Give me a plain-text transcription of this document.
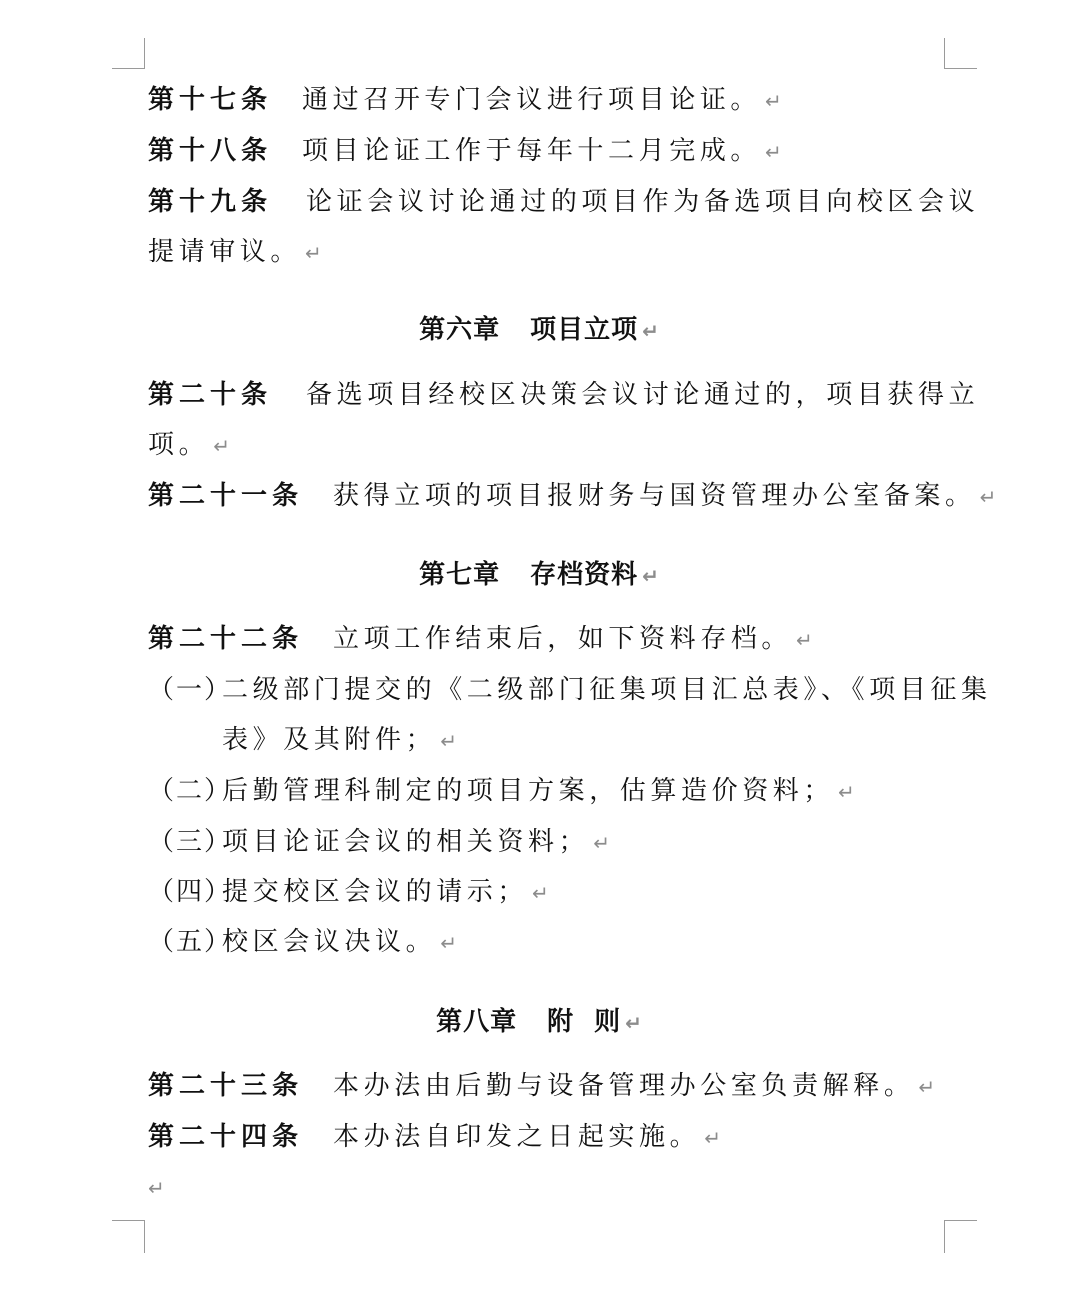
第十七条 通过召开专门会议进行项目论证。 ↵
第十八条 项目论证工作于每年十二月完成。 ↵
第十九条 论证会议讨论通过的项目作为备选项目向校区会议
提请审议。 ↵
第六章 项目立项 ↵
第二十条 备选项目经校区决策会议讨论通过的，项目获得立
项。 ↵
第二十一条 获得立项的项目报财务与国资管理办公室备案。 ↵
第七章 存档资料 ↵
第二十二条 立项工作结束后，如下资料存档。 ↵
（一）二级部门提交的《二级部门征集项目汇总表》、《项目征集
表》及其附件； ↵
（二）后勤管理科制定的项目方案，估算造价资料； ↵
（三）项目论证会议的相关资料； ↵
（四）提交校区会议的请示； ↵
（五）校区会议决议。 ↵
第八章 附 则 ↵
第二十三条 本办法由后勤与设备管理办公室负责解释。 ↵
第二十四条 本办法自印发之日起实施。 ↵
↵
